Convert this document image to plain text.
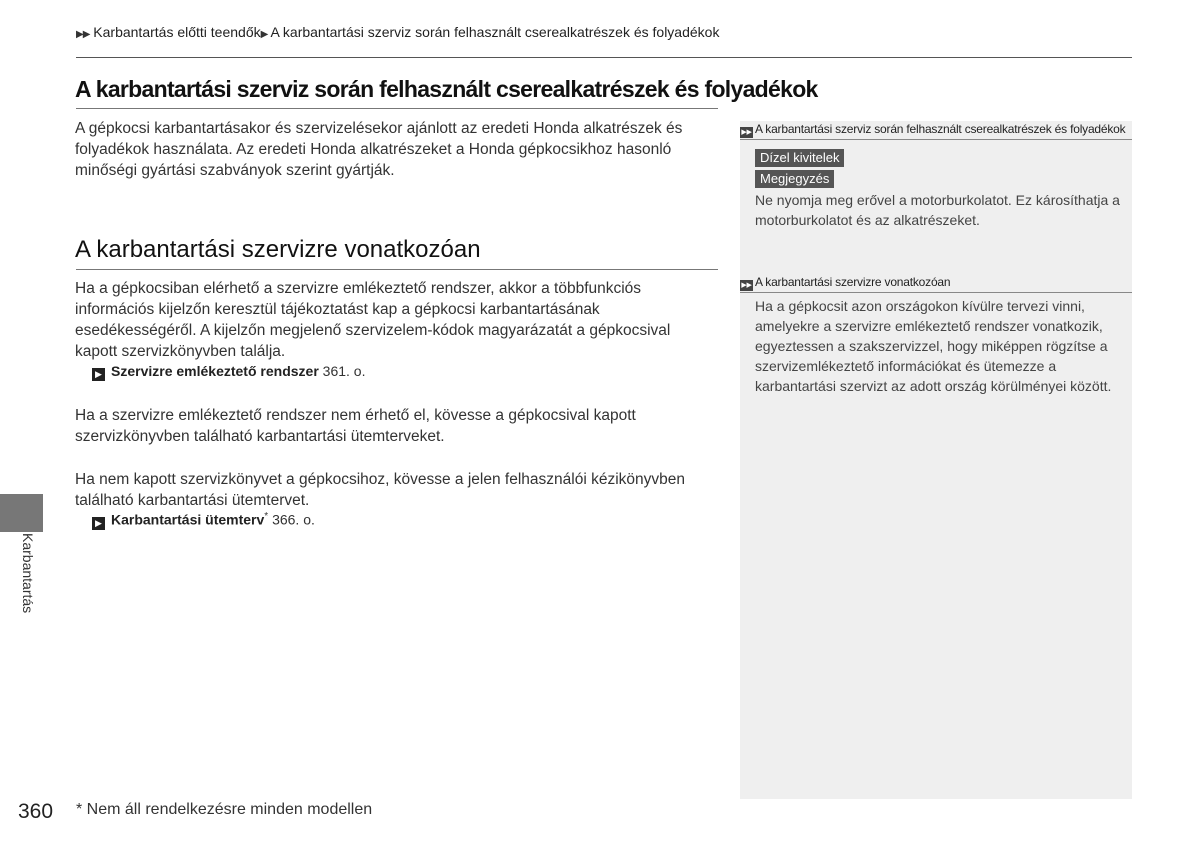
▶▶ Karbantartás előtti teendők▶ A karbantartási szerviz során felhasznált cserealkatrészek és folyadékok
A karbantartási szerviz során felhasznált cserealkatrészek és folyadékok
A gépkocsi karbantartásakor és szervizelésekor ajánlott az eredeti Honda alkatrészek és folyadékok használata. Az eredeti Honda alkatrészeket a Honda gépkocsikhoz hasonló minőségi gyártási szabványok szerint gyártják.
A karbantartási szervizre vonatkozóan
Ha a gépkocsiban elérhető a szervizre emlékeztető rendszer, akkor a többfunkciós információs kijelzőn keresztül tájékoztatást kap a gépkocsi karbantartásának esedékességéről. A kijelzőn megjelenő szervizelem-kódok magyarázatát a gépkocsival kapott szervizkönyvben találja.
▶ Szervizre emlékeztető rendszer 361. o.
Ha a szervizre emlékeztető rendszer nem érhető el, kövesse a gépkocsival kapott szervizkönyvben található karbantartási ütemterveket.
Ha nem kapott szervizkönyvet a gépkocsihoz, kövesse a jelen felhasználói kézikönyvben található karbantartási ütemtervet.
▶ Karbantartási ütemterv* 366. o.
▶▶ A karbantartási szerviz során felhasznált cserealkatrészek és folyadékok
Dízel kivitelek
Megjegyzés
Ne nyomja meg erővel a motorburkolatot. Ez károsíthatja a motorburkolatot és az alkatrészeket.
▶▶ A karbantartási szervizre vonatkozóan
Ha a gépkocsit azon országokon kívülre tervezi vinni, amelyekre a szervizre emlékeztető rendszer vonatkozik, egyeztessen a szakszervizzel, hogy miképpen rögzítse a szervizemlékeztető információkat és ütemezze a karbantartási szervizt az adott ország körülményei között.
Karbantartás
360 * Nem áll rendelkezésre minden modellen
